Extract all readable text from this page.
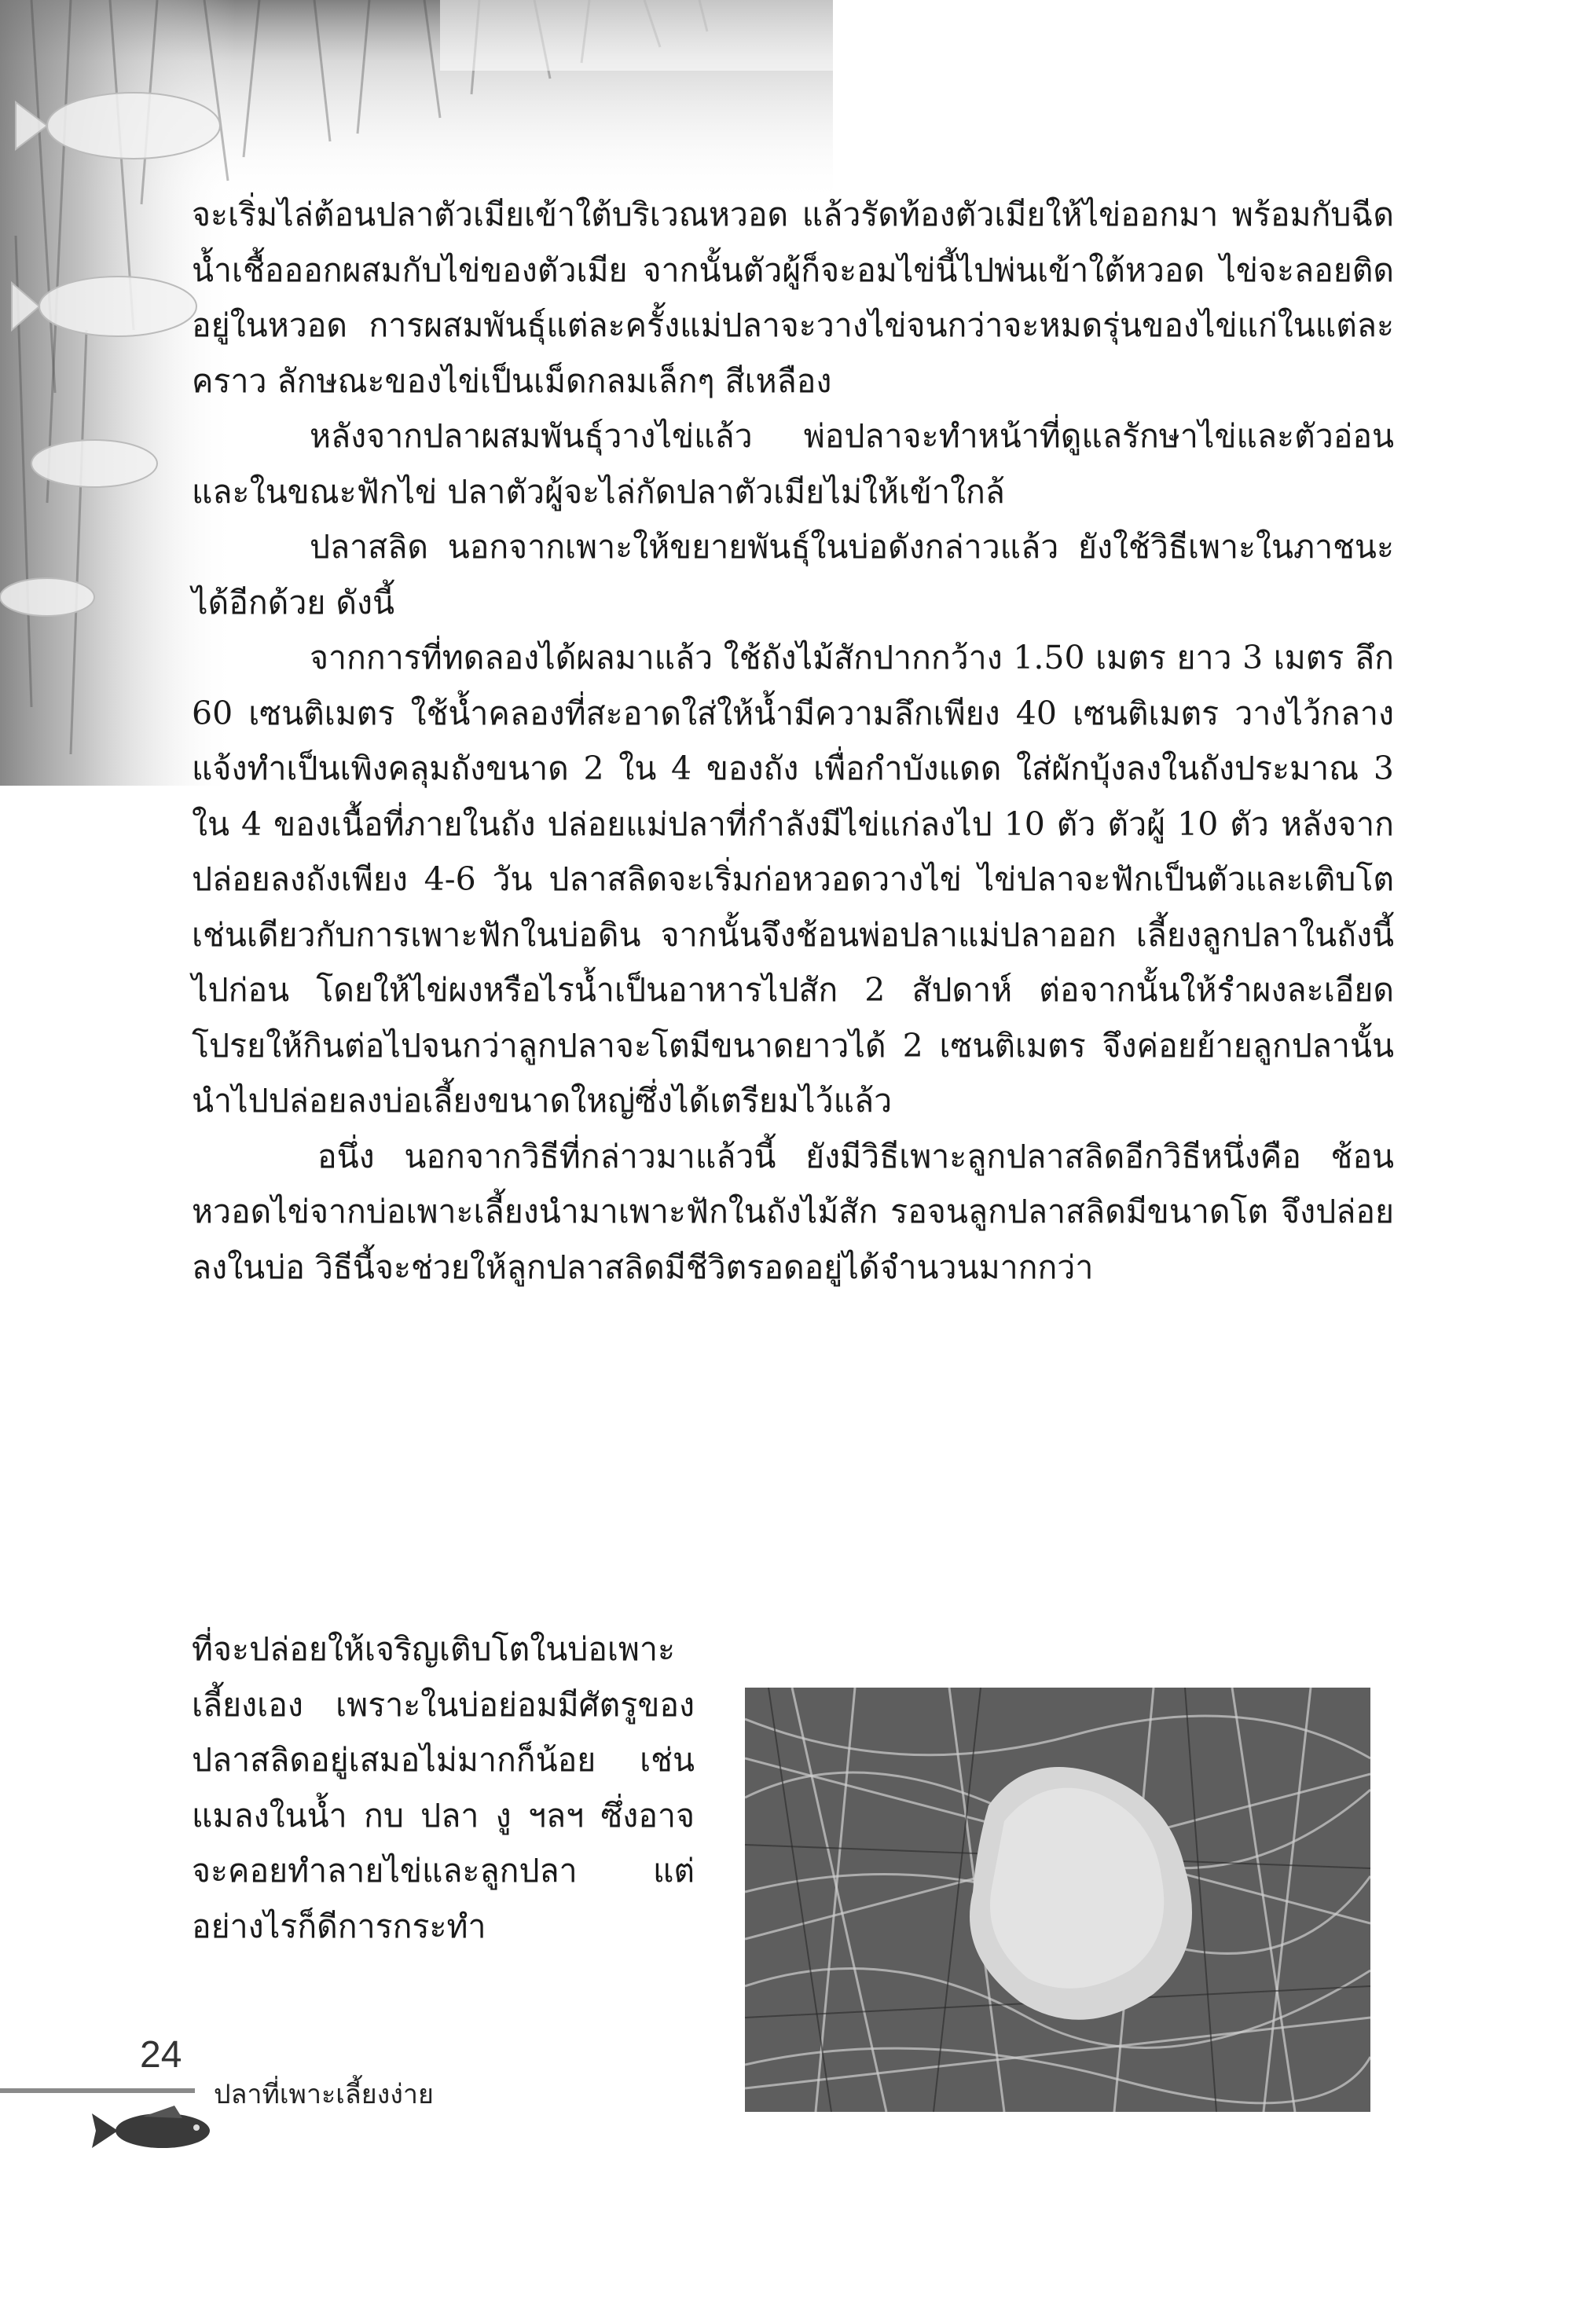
จะเริ่มไล่ต้อนปลาตัวเมียเข้าใต้บริเวณหวอด แล้วรัดท้องตัวเมียให้ไข่ออกมา พร้อมกับฉีดน้ำเชื้อออกผสมกับไข่ของตัวเมีย จากนั้นตัวผู้ก็จะอมไข่นี้ไปพ่นเข้าใต้หวอด ไข่จะลอยติดอยู่ในหวอด การผสมพันธุ์แต่ละครั้งแม่ปลาจะวางไข่จนกว่าจะหมดรุ่นของไข่แก่ในแต่ละคราว ลักษณะของไข่เป็นเม็ดกลมเล็กๆ สีเหลือง

หลังจากปลาผสมพันธุ์วางไข่แล้ว พ่อปลาจะทำหน้าที่ดูแลรักษาไข่และตัวอ่อน และในขณะฟักไข่ ปลาตัวผู้จะไล่กัดปลาตัวเมียไม่ให้เข้าใกล้

ปลาสลิด นอกจากเพาะให้ขยายพันธุ์ในบ่อดังกล่าวแล้ว ยังใช้วิธีเพาะในภาชนะได้อีกด้วย ดังนี้

จากการที่ทดลองได้ผลมาแล้ว ใช้ถังไม้สักปากกว้าง 1.50 เมตร ยาว 3 เมตร ลึก 60 เซนติเมตร ใช้น้ำคลองที่สะอาดใส่ให้น้ำมีความลึกเพียง 40 เซนติเมตร วางไว้กลางแจ้งทำเป็นเพิงคลุมถังขนาด 2 ใน 4 ของถัง เพื่อกำบังแดด ใส่ผักบุ้งลงในถังประมาณ 3 ใน 4 ของเนื้อที่ภายในถัง ปล่อยแม่ปลาที่กำลังมีไข่แก่ลงไป 10 ตัว ตัวผู้ 10 ตัว หลังจากปล่อยลงถังเพียง 4-6 วัน ปลาสลิดจะเริ่มก่อหวอดวางไข่ ไข่ปลาจะฟักเป็นตัวและเติบโตเช่นเดียวกับการเพาะฟักในบ่อดิน จากนั้นจึงช้อนพ่อปลาแม่ปลาออก เลี้ยงลูกปลาในถังนี้ไปก่อน โดยให้ไข่ผงหรือไรน้ำเป็นอาหารไปสัก 2 สัปดาห์ ต่อจากนั้นให้รำผงละเอียดโปรยให้กินต่อไปจนกว่าลูกปลาจะโตมีขนาดยาวได้ 2 เซนติเมตร จึงค่อยย้ายลูกปลานั้นนำไปปล่อยลงบ่อเลี้ยงขนาดใหญ่ซึ่งได้เตรียมไว้แล้ว

อนึ่ง นอกจากวิธีที่กล่าวมาแล้วนี้ ยังมีวิธีเพาะลูกปลาสลิดอีกวิธีหนึ่งคือ ช้อนหวอดไข่จากบ่อเพาะเลี้ยงนำมาเพาะฟักในถังไม้สัก รอจนลูกปลาสลิดมีขนาดโต จึงปล่อยลงในบ่อ วิธีนี้จะช่วยให้ลูกปลาสลิดมีชีวิตรอดอยู่ได้จำนวนมากกว่า

ที่จะปล่อยให้เจริญเติบโตในบ่อเพาะเลี้ยงเอง เพราะในบ่อย่อมมีศัตรูของปลาสลิดอยู่เสมอไม่มากก็น้อย เช่น แมลงในน้ำ กบ ปลา งู ฯลฯ ซึ่งอาจจะคอยทำลายไข่และลูกปลา แต่อย่างไรก็ดีการกระทำ

24
ปลาที่เพาะเลี้ยงง่าย
